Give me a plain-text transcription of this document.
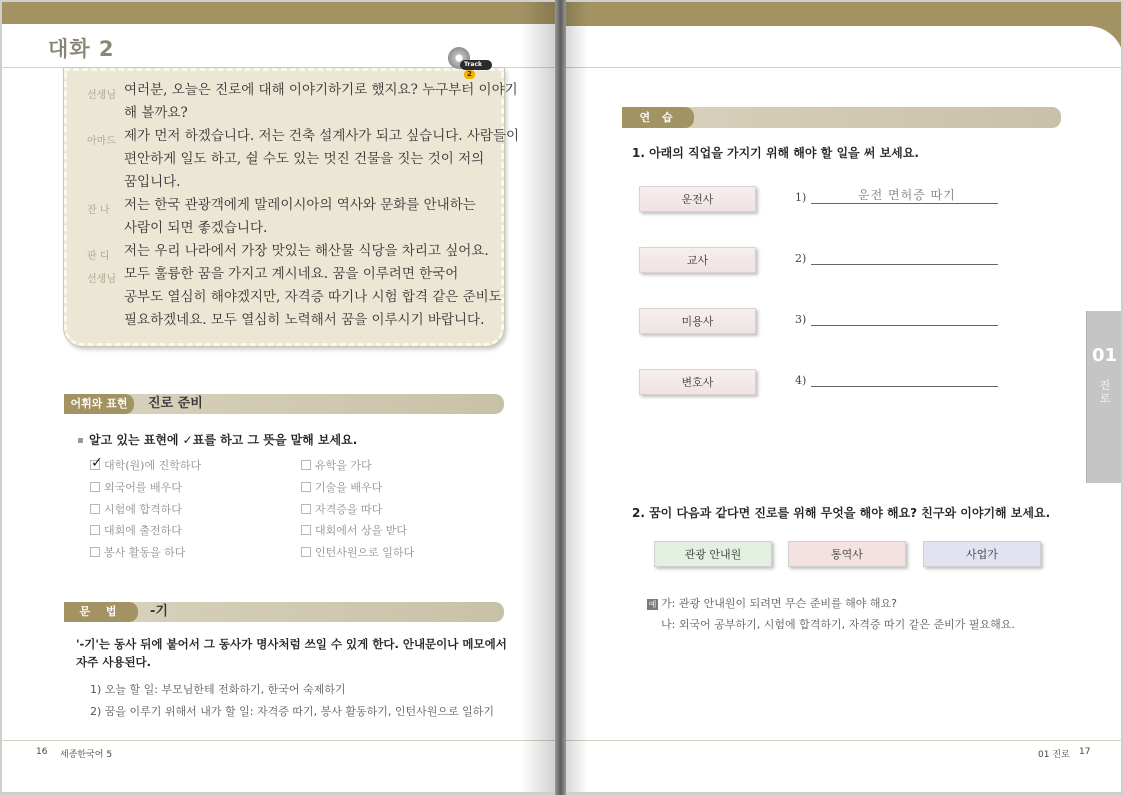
대화 2
선생님 여러분, 오늘은 진로에 대해 이야기하기로 했지요? 누구부터 이야기
해 볼까요?
아마드 제가 먼저 하겠습니다. 저는 건축 설계사가 되고 싶습니다. 사람들이
편안하게 일도 하고, 쉴 수도 있는 멋진 건물을 짓는 것이 저의
꿈입니다.
잔 나 저는 한국 관광객에게 말레이시아의 역사와 문화를 안내하는
사람이 되면 좋겠습니다.
판 디 저는 우리 나라에서 가장 맛있는 해산물 식당을 차리고 싶어요.
선생님 모두 훌륭한 꿈을 가지고 계시네요. 꿈을 이루려면 한국어
공부도 열심히 해야겠지만, 자격증 따기나 시험 합격 같은 준비도
필요하겠네요. 모두 열심히 노력해서 꿈을 이루시기 바랍니다.
Track 2
어휘와 표현	진로 준비
알고 있는 표현에 ✓표를 하고 그 뜻을 말해 보세요.
✓ 대학(원)에 진학하다
외국어를 배우다
시험에 합격하다
대회에 출전하다
봉사 활동을 하다
유학을 가다
기술을 배우다
자격증을 따다
대회에서 상을 받다
인턴사원으로 일하다
문 법	-기
'-기'는 동사 뒤에 붙어서 그 동사가 명사처럼 쓰일 수 있게 한다. 안내문이나 메모에서 자주 사용된다.
1) 오늘 할 일: 부모님한테 전화하기, 한국어 숙제하기
2) 꿈을 이루기 위해서 내가 할 일: 자격증 따기, 봉사 활동하기, 인턴사원으로 일하기
16 세종한국어 5
연 습
1. 아래의 직업을 가지기 위해 해야 할 일을 써 보세요.
운전사	1)	운전 면허증 따기
교사	2)
미용사	3)
변호사	4)
01
진로
2. 꿈이 다음과 같다면 진로를 위해 무엇을 해야 해요? 친구와 이야기해 보세요.
관광 안내원	통역사	사업가
예 가: 관광 안내원이 되려면 무슨 준비를 해야 해요?
나: 외국어 공부하기, 시험에 합격하기, 자격증 따기 같은 준비가 필요해요.
01 진로 17
